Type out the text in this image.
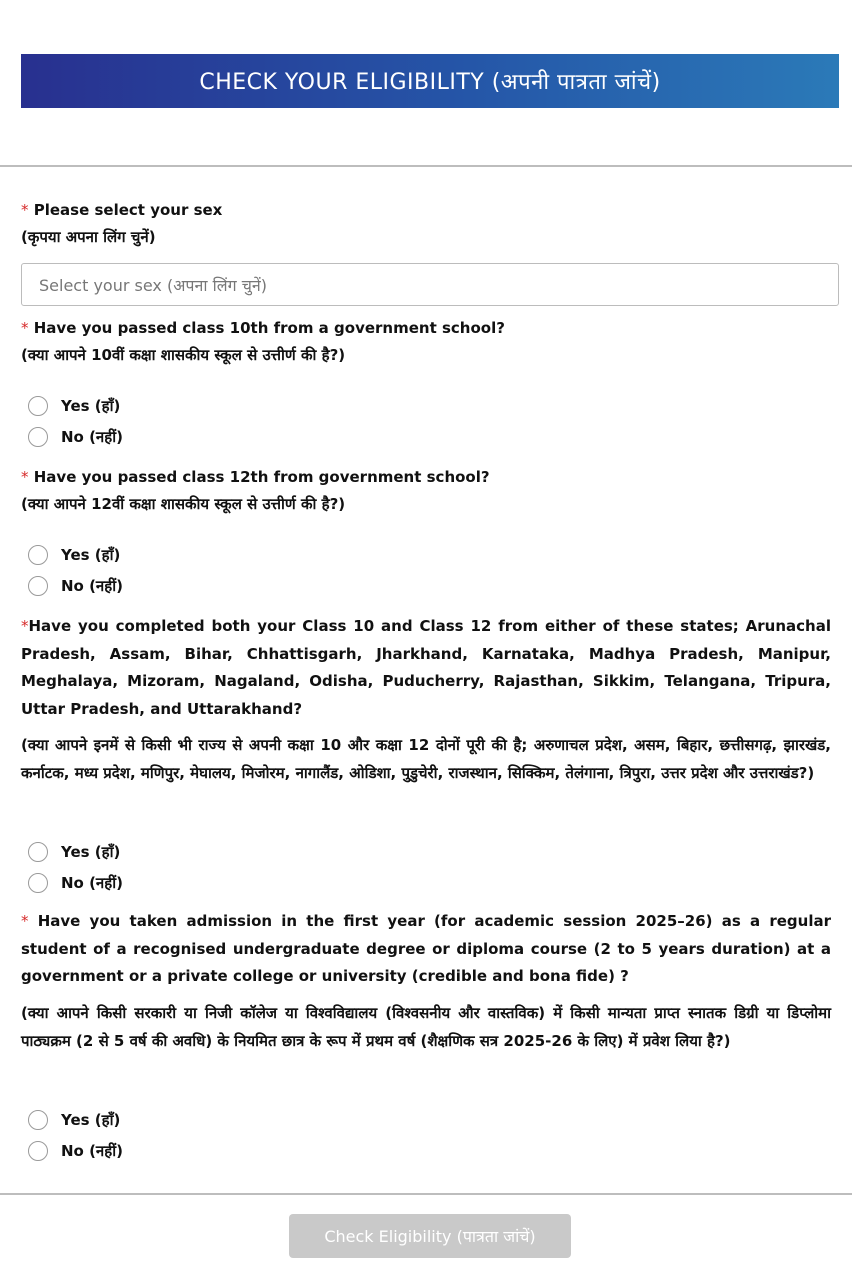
CHECK YOUR ELIGIBILITY (अपनी पात्रता जांचें)

* Please select your sex

(कृपया अपना लिंग चुनें)

Select your sex (अपना लिंग चुनें)

* Have you passed class 10th from a government school?

(क्या आपने 10वीं कक्षा शासकीय स्कूल से उत्तीर्ण की है?)

Yes (हाँ)
No (नहीं)

* Have you passed class 12th from government school?

(क्या आपने 12वीं कक्षा शासकीय स्कूल से उत्तीर्ण की है?)

Yes (हाँ)
No (नहीं)

*Have you completed both your Class 10 and Class 12 from either of these states; Arunachal Pradesh, Assam, Bihar, Chhattisgarh, Jharkhand, Karnataka, Madhya Pradesh, Manipur, Meghalaya, Mizoram, Nagaland, Odisha, Puducherry, Rajasthan, Sikkim, Telangana, Tripura, Uttar Pradesh, and Uttarakhand?

(क्या आपने इनमें से किसी भी राज्य से अपनी कक्षा 10 और कक्षा 12 दोनों पूरी की है; अरुणाचल प्रदेश, असम, बिहार, छत्तीसगढ़, झारखंड, कर्नाटक, मध्य प्रदेश, मणिपुर, मेघालय, मिजोरम, नागालैंड, ओडिशा, पुडुचेरी, राजस्थान, सिक्किम, तेलंगाना, त्रिपुरा, उत्तर प्रदेश और उत्तराखंड?)

Yes (हाँ)
No (नहीं)

* Have you taken admission in the first year (for academic session 2025–26) as a regular student of a recognised undergraduate degree or diploma course (2 to 5 years duration) at a government or a private college or university (credible and bona fide) ?

(क्या आपने किसी सरकारी या निजी कॉलेज या विश्वविद्यालय (विश्वसनीय और वास्तविक) में किसी मान्यता प्राप्त स्नातक डिग्री या डिप्लोमा पाठ्यक्रम (2 से 5 वर्ष की अवधि) के नियमित छात्र के रूप में प्रथम वर्ष (शैक्षणिक सत्र 2025-26 के लिए) में प्रवेश लिया है?)

Yes (हाँ)
No (नहीं)
Check Eligibility (पात्रता जांचें)
